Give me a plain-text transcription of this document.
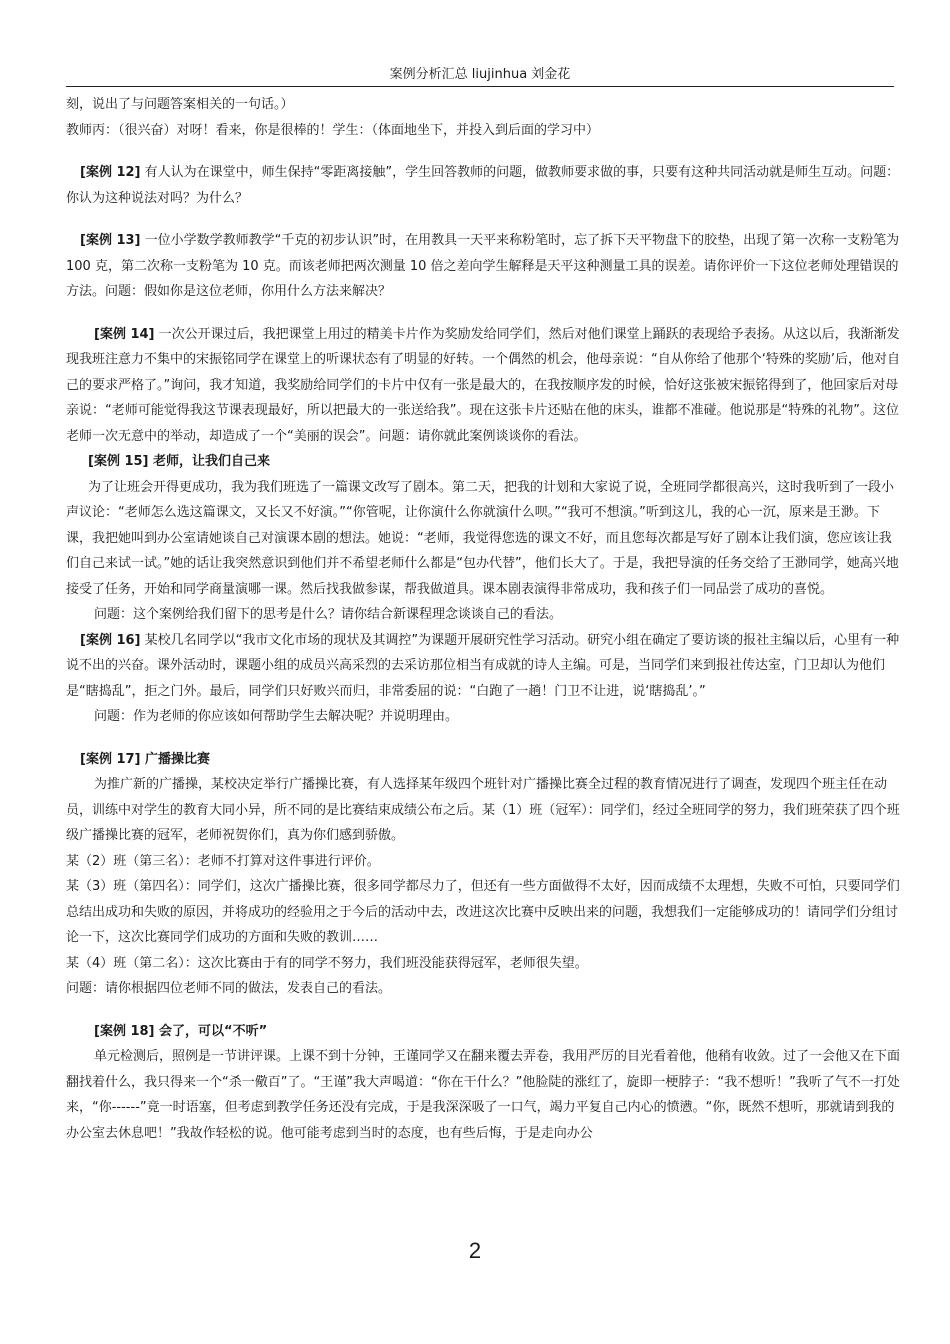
案例分析汇总 liujinhua 刘金花

刻，说出了与问题答案相关的一句话。）

教师丙：（很兴奋）对呀！看来，你是很棒的！学生：（体面地坐下，并投入到后面的学习中）

[案例 12] 有人认为在课堂中，师生保持“零距离接触”，学生回答教师的问题，做教师要求做的事，只要有这种共同活动就是师生互动。问题：你认为这种说法对吗？为什么？

[案例 13] 一位小学数学教师教学“千克的初步认识”时，在用教具一天平来称粉笔时，忘了拆下天平物盘下的胶垫，出现了第一次称一支粉笔为 100 克，第二次称一支粉笔为 10 克。而该老师把两次测量 10 倍之差向学生解释是天平这种测量工具的误差。请你评价一下这位老师处理错误的方法。问题：假如你是这位老师，你用什么方法来解决？

[案例 14] 一次公开课过后，我把课堂上用过的精美卡片作为奖励发给同学们，然后对他们课堂上踊跃的表现给予表扬。从这以后，我渐渐发现我班注意力不集中的宋振铭同学在课堂上的听课状态有了明显的好转。一个偶然的机会，他母亲说：“自从你给了他那个‘特殊的奖励’后，他对自己的要求严格了。”询问，我才知道，我奖励给同学们的卡片中仅有一张是最大的，在我按顺序发的时候，恰好这张被宋振铭得到了，他回家后对母亲说：“老师可能觉得我这节课表现最好，所以把最大的一张送给我”。现在这张卡片还贴在他的床头，谁都不准碰。他说那是“特殊的礼物”。这位老师一次无意中的举动，却造成了一个“美丽的误会”。问题：请你就此案例谈谈你的看法。

[案例 15] 老师，让我们自己来

为了让班会开得更成功，我为我们班选了一篇课文改写了剧本。第二天，把我的计划和大家说了说，全班同学都很高兴，这时我听到了一段小声议论：“老师怎么选这篇课文，又长又不好演。”“你管呢，让你演什么你就演什么呗。”“我可不想演。”听到这儿，我的心一沉，原来是王渺。下课，我把她叫到办公室请她谈自己对演课本剧的想法。她说：“老师，我觉得您选的课文不好，而且您每次都是写好了剧本让我们演，您应该让我们自己来试一试。”她的话让我突然意识到他们并不希望老师什么都是“包办代替”，他们长大了。于是，我把导演的任务交给了王渺同学，她高兴地接受了任务，开始和同学商量演哪一课。然后找我做参谋，帮我做道具。课本剧表演得非常成功，我和孩子们一同品尝了成功的喜悦。

问题：这个案例给我们留下的思考是什么？请你结合新课程理念谈谈自己的看法。

[案例 16] 某校几名同学以“我市文化市场的现状及其调控”为课题开展研究性学习活动。研究小组在确定了要访谈的报社主编以后，心里有一种说不出的兴奋。课外活动时，课题小组的成员兴高采烈的去采访那位相当有成就的诗人主编。可是，当同学们来到报社传达室，门卫却认为他们是“瞎捣乱”，拒之门外。最后，同学们只好败兴而归，非常委屈的说：“白跑了一趟！门卫不让进，说‘瞎捣乱’。”

问题：作为老师的你应该如何帮助学生去解决呢？并说明理由。

[案例 17] 广播操比赛

为推广新的广播操，某校决定举行广播操比赛，有人选择某年级四个班针对广播操比赛全过程的教育情况进行了调查，发现四个班主任在动员，训练中对学生的教育大同小异，所不同的是比赛结束成绩公布之后。某（1）班（冠军）：同学们，经过全班同学的努力，我们班荣获了四个班级广播操比赛的冠军，老师祝贺你们，真为你们感到骄傲。

某（2）班（第三名）：老师不打算对这件事进行评价。

某（3）班（第四名）：同学们，这次广播操比赛，很多同学都尽力了，但还有一些方面做得不太好，因而成绩不太理想，失败不可怕，只要同学们总结出成功和失败的原因，并将成功的经验用之于今后的活动中去，改进这次比赛中反映出来的问题，我想我们一定能够成功的！请同学们分组讨论一下，这次比赛同学们成功的方面和失败的教训……

某（4）班（第二名）：这次比赛由于有的同学不努力，我们班没能获得冠军，老师很失望。

问题：请你根据四位老师不同的做法，发表自己的看法。

[案例 18] 会了，可以“不听”

单元检测后，照例是一节讲评课。上课不到十分钟，王谨同学又在翻来覆去弄卷，我用严厉的目光看着他，他稍有收敛。过了一会他又在下面翻找着什么，我只得来一个“杀一儆百”了。“王谨”我大声喝道：“你在干什么？”他脸陡的涨红了，旋即一梗脖子：“我不想听！”我听了气不一打处来，“你------”竟一时语塞，但考虑到教学任务还没有完成，于是我深深吸了一口气，竭力平复自己内心的愤懑。“你，既然不想听，那就请到我的办公室去休息吧！”我故作轻松的说。他可能考虑到当时的态度，也有些后悔，于是走向办公

2
